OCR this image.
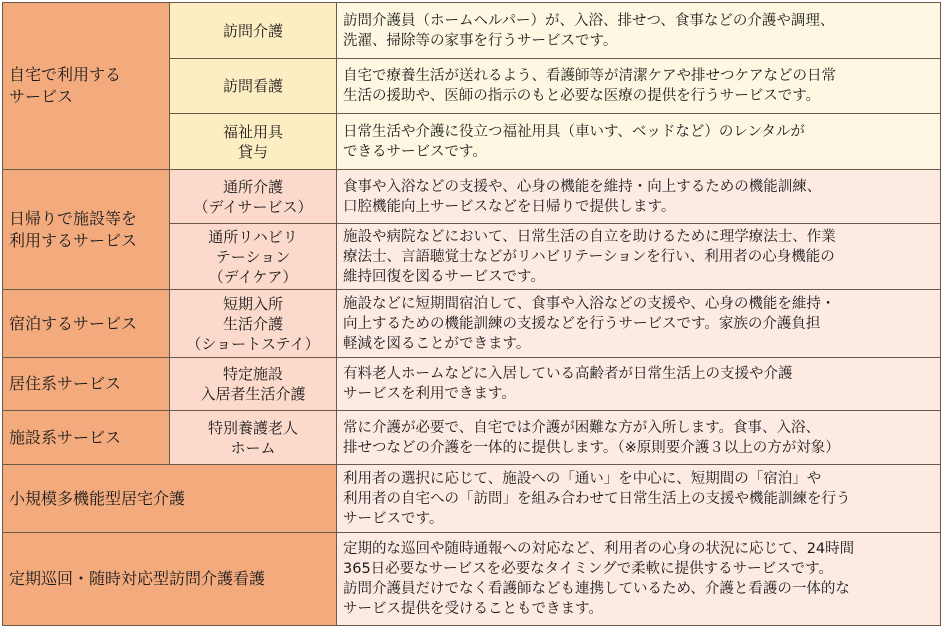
自宅で利用する
サービス	訪問介護	訪問介護員（ホームヘルパー）が、入浴、排せつ、食事などの介護や調理、
洗濯、掃除等の家事を行うサービスです。

	訪問看護	自宅で療養生活が送れるよう、看護師等が清潔ケアや排せつケアなどの日常
生活の援助や、医師の指示のもと必要な医療の提供を行うサービスです。

	福祉用具
貸与	日常生活や介護に役立つ福祉用具（車いす、ベッドなど）のレンタルが
できるサービスです。

日帰りで施設等を
利用するサービス	通所介護
（デイサービス）	食事や入浴などの支援や、心身の機能を維持・向上するための機能訓練、
口腔機能向上サービスなどを日帰りで提供します。

	通所リハビリ
テーション
（デイケア）	施設や病院などにおいて、日常生活の自立を助けるために理学療法士、作業
療法士、言語聴覚士などがリハビリテーションを行い、利用者の心身機能の
維持回復を図るサービスです。

宿泊するサービス	短期入所
生活介護
（ショートステイ）	施設などに短期間宿泊して、食事や入浴などの支援や、心身の機能を維持・
向上するための機能訓練の支援などを行うサービスです。家族の介護負担
軽減を図ることができます。

居住系サービス	特定施設
入居者生活介護	有料老人ホームなどに入居している高齢者が日常生活上の支援や介護
サービスを利用できます。

施設系サービス	特別養護老人
ホーム	常に介護が必要で、自宅では介護が困難な方が入所します。食事、入浴、
排せつなどの介護を一体的に提供します。（※原則要介護３以上の方が対象）

小規模多機能型居宅介護		利用者の選択に応じて、施設への「通い」を中心に、短期間の「宿泊」や
利用者の自宅への「訪問」を組み合わせて日常生活上の支援や機能訓練を行う
サービスです。

定期巡回・随時対応型訪問介護看護		定期的な巡回や随時通報への対応など、利用者の心身の状況に応じて、24時間
365日必要なサービスを必要なタイミングで柔軟に提供するサービスです。
訪問介護員だけでなく看護師なども連携しているため、介護と看護の一体的な
サービス提供を受けることもできます。
